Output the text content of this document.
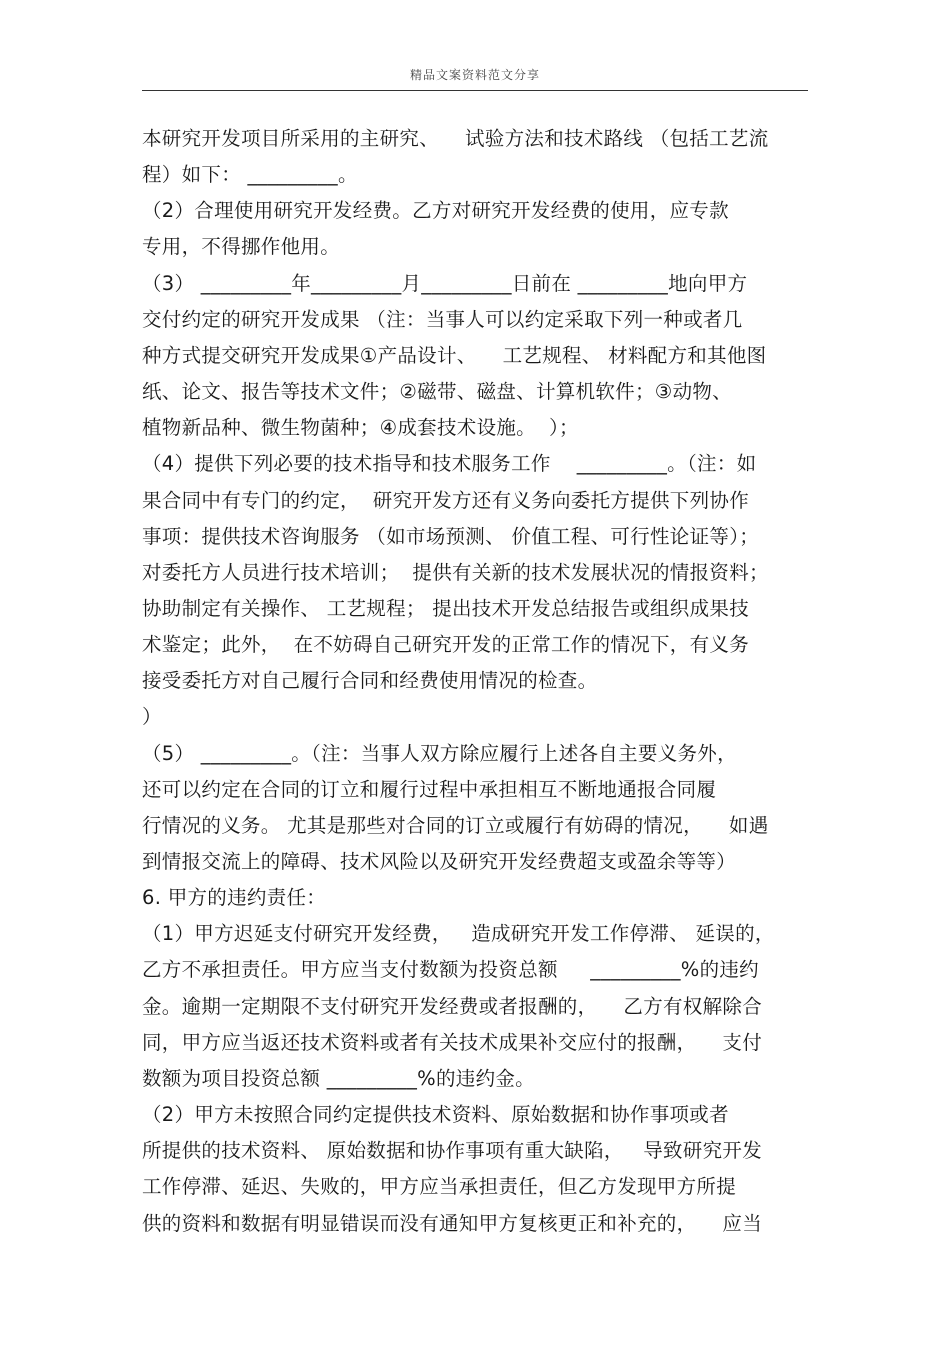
精品文案资料范文分享
本研究开发项目所采用的主研究、    试验方法和技术路线 （包括工艺流
程）如下： _________。
（2）合理使用研究开发经费。乙方对研究开发经费的使用，应专款
专用，不得挪作他用。
（3） _________年_________月_________日前在 _________地向甲方
交付约定的研究开发成果 （注：当事人可以约定采取下列一种或者几
种方式提交研究开发成果①产品设计、    工艺规程、 材料配方和其他图
纸、论文、报告等技术文件；②磁带、磁盘、计算机软件；③动物、
植物新品种、微生物菌种；④成套技术设施。  ）；
（4）提供下列必要的技术指导和技术服务工作    _________。（注：如
果合同中有专门的约定，  研究开发方还有义务向委托方提供下列协作
事项：提供技术咨询服务 （如市场预测、 价值工程、可行性论证等）；
对委托方人员进行技术培训；  提供有关新的技术发展状况的情报资料；
协助制定有关操作、 工艺规程； 提出技术开发总结报告或组织成果技
术鉴定；此外，  在不妨碍自己研究开发的正常工作的情况下，有义务
接受委托方对自己履行合同和经费使用情况的检查。
）
（5） _________。（注：当事人双方除应履行上述各自主要义务外，
还可以约定在合同的订立和履行过程中承担相互不断地通报合同履
行情况的义务。 尤其是那些对合同的订立或履行有妨碍的情况，    如遇
到情报交流上的障碍、技术风险以及研究开发经费超支或盈余等等）
6. 甲方的违约责任：
（1）甲方迟延支付研究开发经费，   造成研究开发工作停滞、 延误的，
乙方不承担责任。甲方应当支付数额为投资总额     _________%的违约
金。逾期一定期限不支付研究开发经费或者报酬的，    乙方有权解除合
同，甲方应当返还技术资料或者有关技术成果补交应付的报酬，    支付
数额为项目投资总额 _________%的违约金。
（2）甲方未按照合同约定提供技术资料、原始数据和协作事项或者
所提供的技术资料、 原始数据和协作事项有重大缺陷，   导致研究开发
工作停滞、延迟、失败的，甲方应当承担责任，但乙方发现甲方所提
供的资料和数据有明显错误而没有通知甲方复核更正和补充的，    应当
